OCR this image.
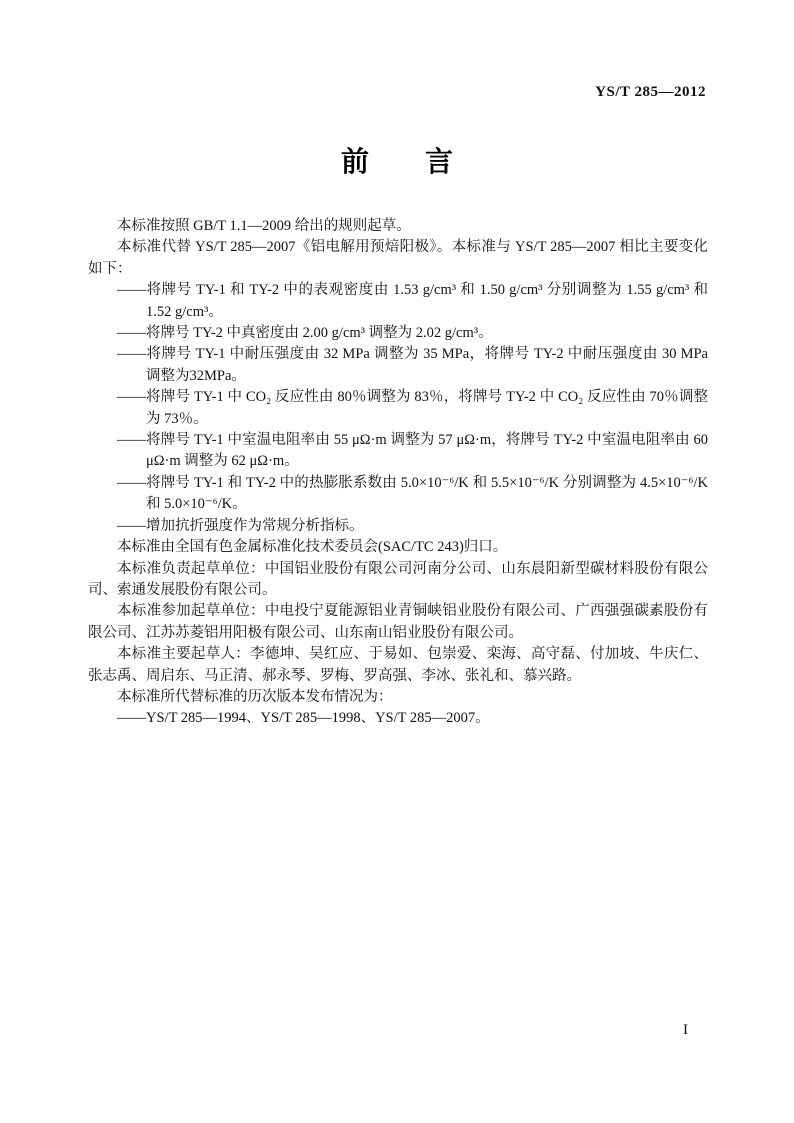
YS/T 285—2012
前　　言

本标准按照 GB/T 1.1—2009 给出的规则起草。

本标准代替 YS/T 285—2007《铝电解用预焙阳极》。本标准与 YS/T 285—2007 相比主要变化如下：

——将牌号 TY-1 和 TY-2 中的表观密度由 1.53 g/cm³ 和 1.50 g/cm³ 分别调整为 1.55 g/cm³ 和 1.52 g/cm³。

——将牌号 TY-2 中真密度由 2.00 g/cm³ 调整为 2.02 g/cm³。

——将牌号 TY-1 中耐压强度由 32 MPa 调整为 35 MPa，将牌号 TY-2 中耐压强度由 30 MPa 调整为32MPa。

——将牌号 TY-1 中 CO₂ 反应性由 80％调整为 83％，将牌号 TY-2 中 CO₂ 反应性由 70％调整为 73％。

——将牌号 TY-1 中室温电阻率由 55 μΩ·m 调整为 57 μΩ·m，将牌号 TY-2 中室温电阻率由 60 μΩ·m 调整为 62 μΩ·m。

——将牌号 TY-1 和 TY-2 中的热膨胀系数由 5.0×10⁻⁶/K 和 5.5×10⁻⁶/K 分别调整为 4.5×10⁻⁶/K 和 5.0×10⁻⁶/K。

——增加抗折强度作为常规分析指标。

本标准由全国有色金属标准化技术委员会(SAC/TC 243)归口。

本标准负责起草单位：中国铝业股份有限公司河南分公司、山东晨阳新型碳材料股份有限公司、索通发展股份有限公司。

本标准参加起草单位：中电投宁夏能源铝业青铜峡铝业股份有限公司、广西强强碳素股份有限公司、江苏苏菱铝用阳极有限公司、山东南山铝业股份有限公司。

本标准主要起草人：李德坤、吴红应、于易如、包崇爱、栾海、高守磊、付加坡、牛庆仁、张志禹、周启东、马正清、郝永琴、罗梅、罗高强、李冰、张礼和、慕兴路。

本标准所代替标准的历次版本发布情况为：

——YS/T 285—1994、YS/T 285—1998、YS/T 285—2007。

I
